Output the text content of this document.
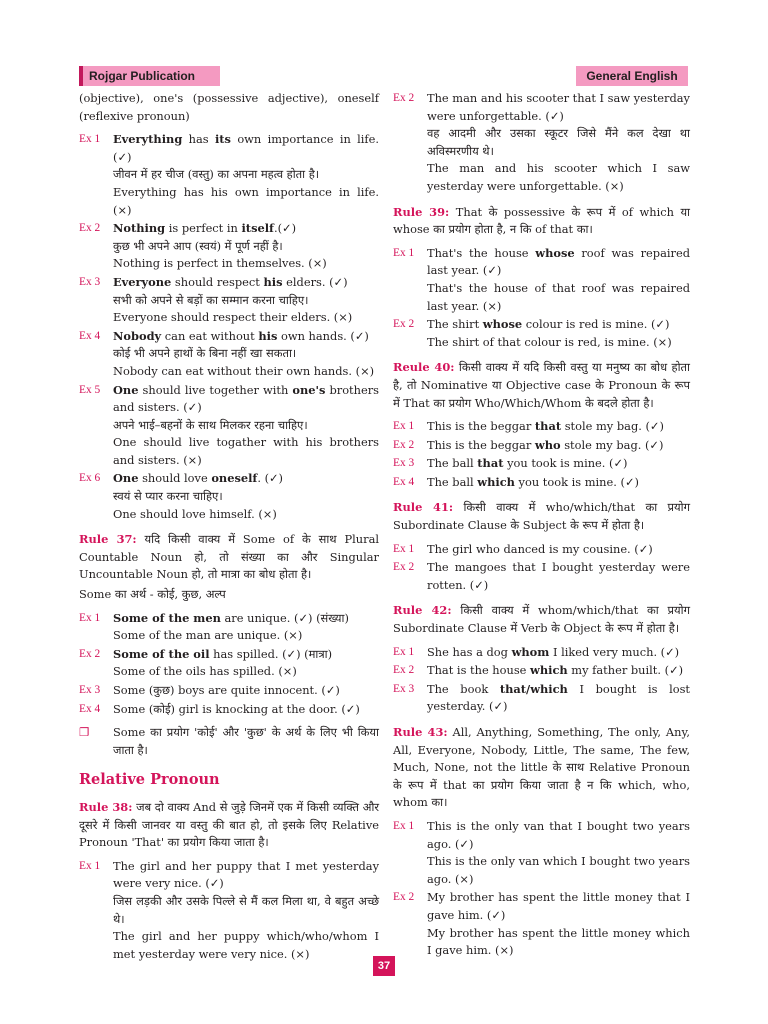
Rojgar Publication	General English

(objective), one's (possessive adjective), oneself (reflexive pronoun)

Ex 1	Everything has its own importance in life. (✓)

जीवन में हर चीज (वस्तु) का अपना महत्व होता है।

Everything has his own importance in life. (×)

Ex 2	Nothing is perfect in itself.(✓)

कुछ भी अपने आप (स्वयं) में पूर्ण नहीं है।

Nothing is perfect in themselves. (×)

Ex 3	Everyone should respect his elders. (✓)

सभी को अपने से बड़ों का सम्मान करना चाहिए।

Everyone should respect their elders. (×)

Ex 4	Nobody can eat without his own hands. (✓)

कोई भी अपने हाथों के बिना नहीं खा सकता।

Nobody can eat without their own hands. (×)

Ex 5	One should live together with one's brothers and sisters. (✓)

अपने भाई–बहनों के साथ मिलकर रहना चाहिए।

One should live togather with his brothers and sisters. (×)

Ex 6	One should love oneself. (✓)

स्वयं से प्यार करना चाहिए।

One should love himself. (×)

Rule 37: यदि किसी वाक्य में Some of के साथ Plural Countable Noun हो, तो संख्या का और Singular Uncountable Noun हो, तो मात्रा का बोध होता है।

Some का अर्थ - कोई, कुछ, अल्प

Ex 1	Some of the men are unique. (✓) (संख्या)

Some of the man are unique. (×)

Ex 2	Some of the oil has spilled. (✓) (मात्रा)

Some of the oils has spilled. (×)

Ex 3	Some (कुछ) boys are quite innocent. (✓)

Ex 4	Some (कोई) girl is knocking at the door. (✓)

❐	Some का प्रयोग 'कोई' और 'कुछ' के अर्थ के लिए भी किया जाता है।

Relative Pronoun

Rule 38: जब दो वाक्य And से जुड़े जिनमें एक में किसी व्यक्ति और दूसरे में किसी जानवर या वस्तु की बात हो, तो इसके लिए Relative Pronoun 'That' का प्रयोग किया जाता है।

Ex 1	The girl and her puppy that I met yesterday were very nice. (✓)

जिस लड़की और उसके पिल्ले से मैं कल मिला था, वे बहुत अच्छे थे।

The girl and her puppy which/who/whom I met yesterday were very nice. (×)

Ex 2	The man and his scooter that I saw yesterday were unforgettable. (✓)

वह आदमी और उसका स्कूटर जिसे मैंने कल देखा था अविस्मरणीय थे।

The man and his scooter which I saw yesterday were unforgettable. (×)

Rule 39: That के possessive के रूप में of which या whose का प्रयोग होता है, न कि of that का।

Ex 1	That's the house whose roof was repaired last year. (✓)

That's the house of that roof was repaired last year. (×)

Ex 2	The shirt whose colour is red is mine. (✓)

The shirt of that colour is red, is mine. (×)

Reule 40: किसी वाक्य में यदि किसी वस्तु या मनुष्य का बोध होता है, तो Nominative या Objective case के Pronoun के रूप में That का प्रयोग Who/Which/Whom के बदले होता है।

Ex 1	This is the beggar that stole my bag. (✓)

Ex 2	This is the beggar who stole my bag. (✓)

Ex 3	The ball that you took is mine. (✓)

Ex 4	The ball which you took is mine. (✓)

Rule 41: किसी वाक्य में who/which/that का प्रयोग Subordinate Clause के Subject के रूप में होता है।

Ex 1	The girl who danced is my cousine. (✓)

Ex 2	The mangoes that I bought yesterday were rotten. (✓)

Rule 42: किसी वाक्य में whom/which/that का प्रयोग Subordinate Clause में Verb के Object के रूप में होता है।

Ex 1	She has a dog whom I liked very much. (✓)

Ex 2	That is the house which my father built. (✓)

Ex 3	The book that/which I bought is lost yesterday. (✓)

Rule 43: All, Anything, Something, The only, Any, All, Everyone, Nobody, Little, The same, The few, Much, None, not the little के साथ Relative Pronoun के रूप में that का प्रयोग किया जाता है न कि which, who, whom का।

Ex 1	This is the only van that I bought two years ago. (✓)

This is the only van which I bought two years ago. (×)

Ex 2	My brother has spent the little money that I gave him. (✓)

My brother has spent the little money which I gave him. (×)

37
